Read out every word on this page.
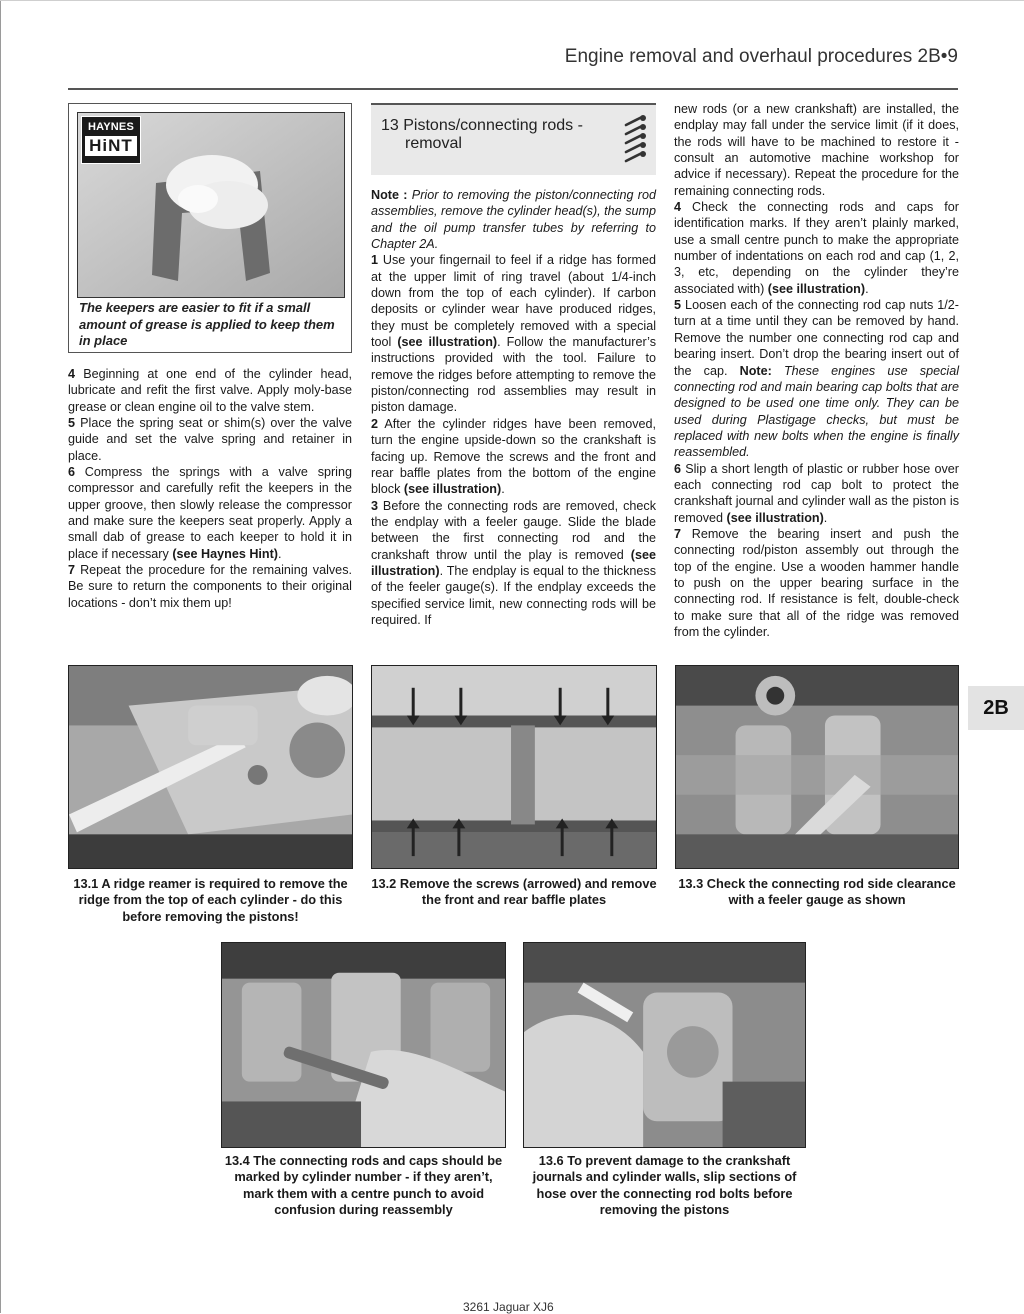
Engine removal and overhaul procedures 2B•9
HAYNES
HiNT
The keepers are easier to fit if a small amount of grease is applied to keep them in place

4 Beginning at one end of the cylinder head, lubricate and refit the first valve. Apply moly-base grease or clean engine oil to the valve stem.

5 Place the spring seat or shim(s) over the valve guide and set the valve spring and retainer in place.

6 Compress the springs with a valve spring compressor and carefully refit the keepers in the upper groove, then slowly release the compressor and make sure the keepers seat properly. Apply a small dab of grease to each keeper to hold it in place if necessary (see Haynes Hint).

7 Repeat the procedure for the remaining valves. Be sure to return the components to their original locations - don’t mix them up!

13 Pistons/connecting rods -
removal

Note : Prior to removing the piston/connecting rod assemblies, remove the cylinder head(s), the sump and the oil pump transfer tubes by referring to Chapter 2A.

1 Use your fingernail to feel if a ridge has formed at the upper limit of ring travel (about 1/4-inch down from the top of each cylinder). If carbon deposits or cylinder wear have produced ridges, they must be completely removed with a special tool (see illustration). Follow the manufacturer’s instructions provided with the tool. Failure to remove the ridges before attempting to remove the piston/connecting rod assemblies may result in piston damage.

2 After the cylinder ridges have been removed, turn the engine upside-down so the crankshaft is facing up. Remove the screws and the front and rear baffle plates from the bottom of the engine block (see illustration).

3 Before the connecting rods are removed, check the endplay with a feeler gauge. Slide the blade between the first connecting rod and the crankshaft throw until the play is removed (see illustration). The endplay is equal to the thickness of the feeler gauge(s). If the endplay exceeds the specified service limit, new connecting rods will be required. If

new rods (or a new crankshaft) are installed, the endplay may fall under the service limit (if it does, the rods will have to be machined to restore it - consult an automotive machine workshop for advice if necessary). Repeat the procedure for the remaining connecting rods.

4 Check the connecting rods and caps for identification marks. If they aren’t plainly marked, use a small centre punch to make the appropriate number of indentations on each rod and cap (1, 2, 3, etc, depending on the cylinder they’re associated with) (see illustration).

5 Loosen each of the connecting rod cap nuts 1/2-turn at a time until they can be removed by hand. Remove the number one connecting rod cap and bearing insert. Don’t drop the bearing insert out of the cap. Note: These engines use special connecting rod and main bearing cap bolts that are designed to be used one time only. They can be used during Plastigage checks, but must be replaced with new bolts when the engine is finally reassembled.

6 Slip a short length of plastic or rubber hose over each connecting rod cap bolt to protect the crankshaft journal and cylinder wall as the piston is removed (see illustration).

7 Remove the bearing insert and push the connecting rod/piston assembly out through the top of the engine. Use a wooden hammer handle to push on the upper bearing surface in the connecting rod. If resistance is felt, double-check to make sure that all of the ridge was removed from the cylinder.

2B
13.1 A ridge reamer is required to remove the ridge from the top of each cylinder - do this before removing the pistons!
13.2 Remove the screws (arrowed) and remove the front and rear baffle plates
13.3 Check the connecting rod side clearance with a feeler gauge as shown
13.4 The connecting rods and caps should be marked by cylinder number - if they aren’t, mark them with a centre punch to avoid confusion during reassembly
13.6 To prevent damage to the crankshaft journals and cylinder walls, slip sections of hose over the connecting rod bolts before removing the pistons
3261 Jaguar XJ6
